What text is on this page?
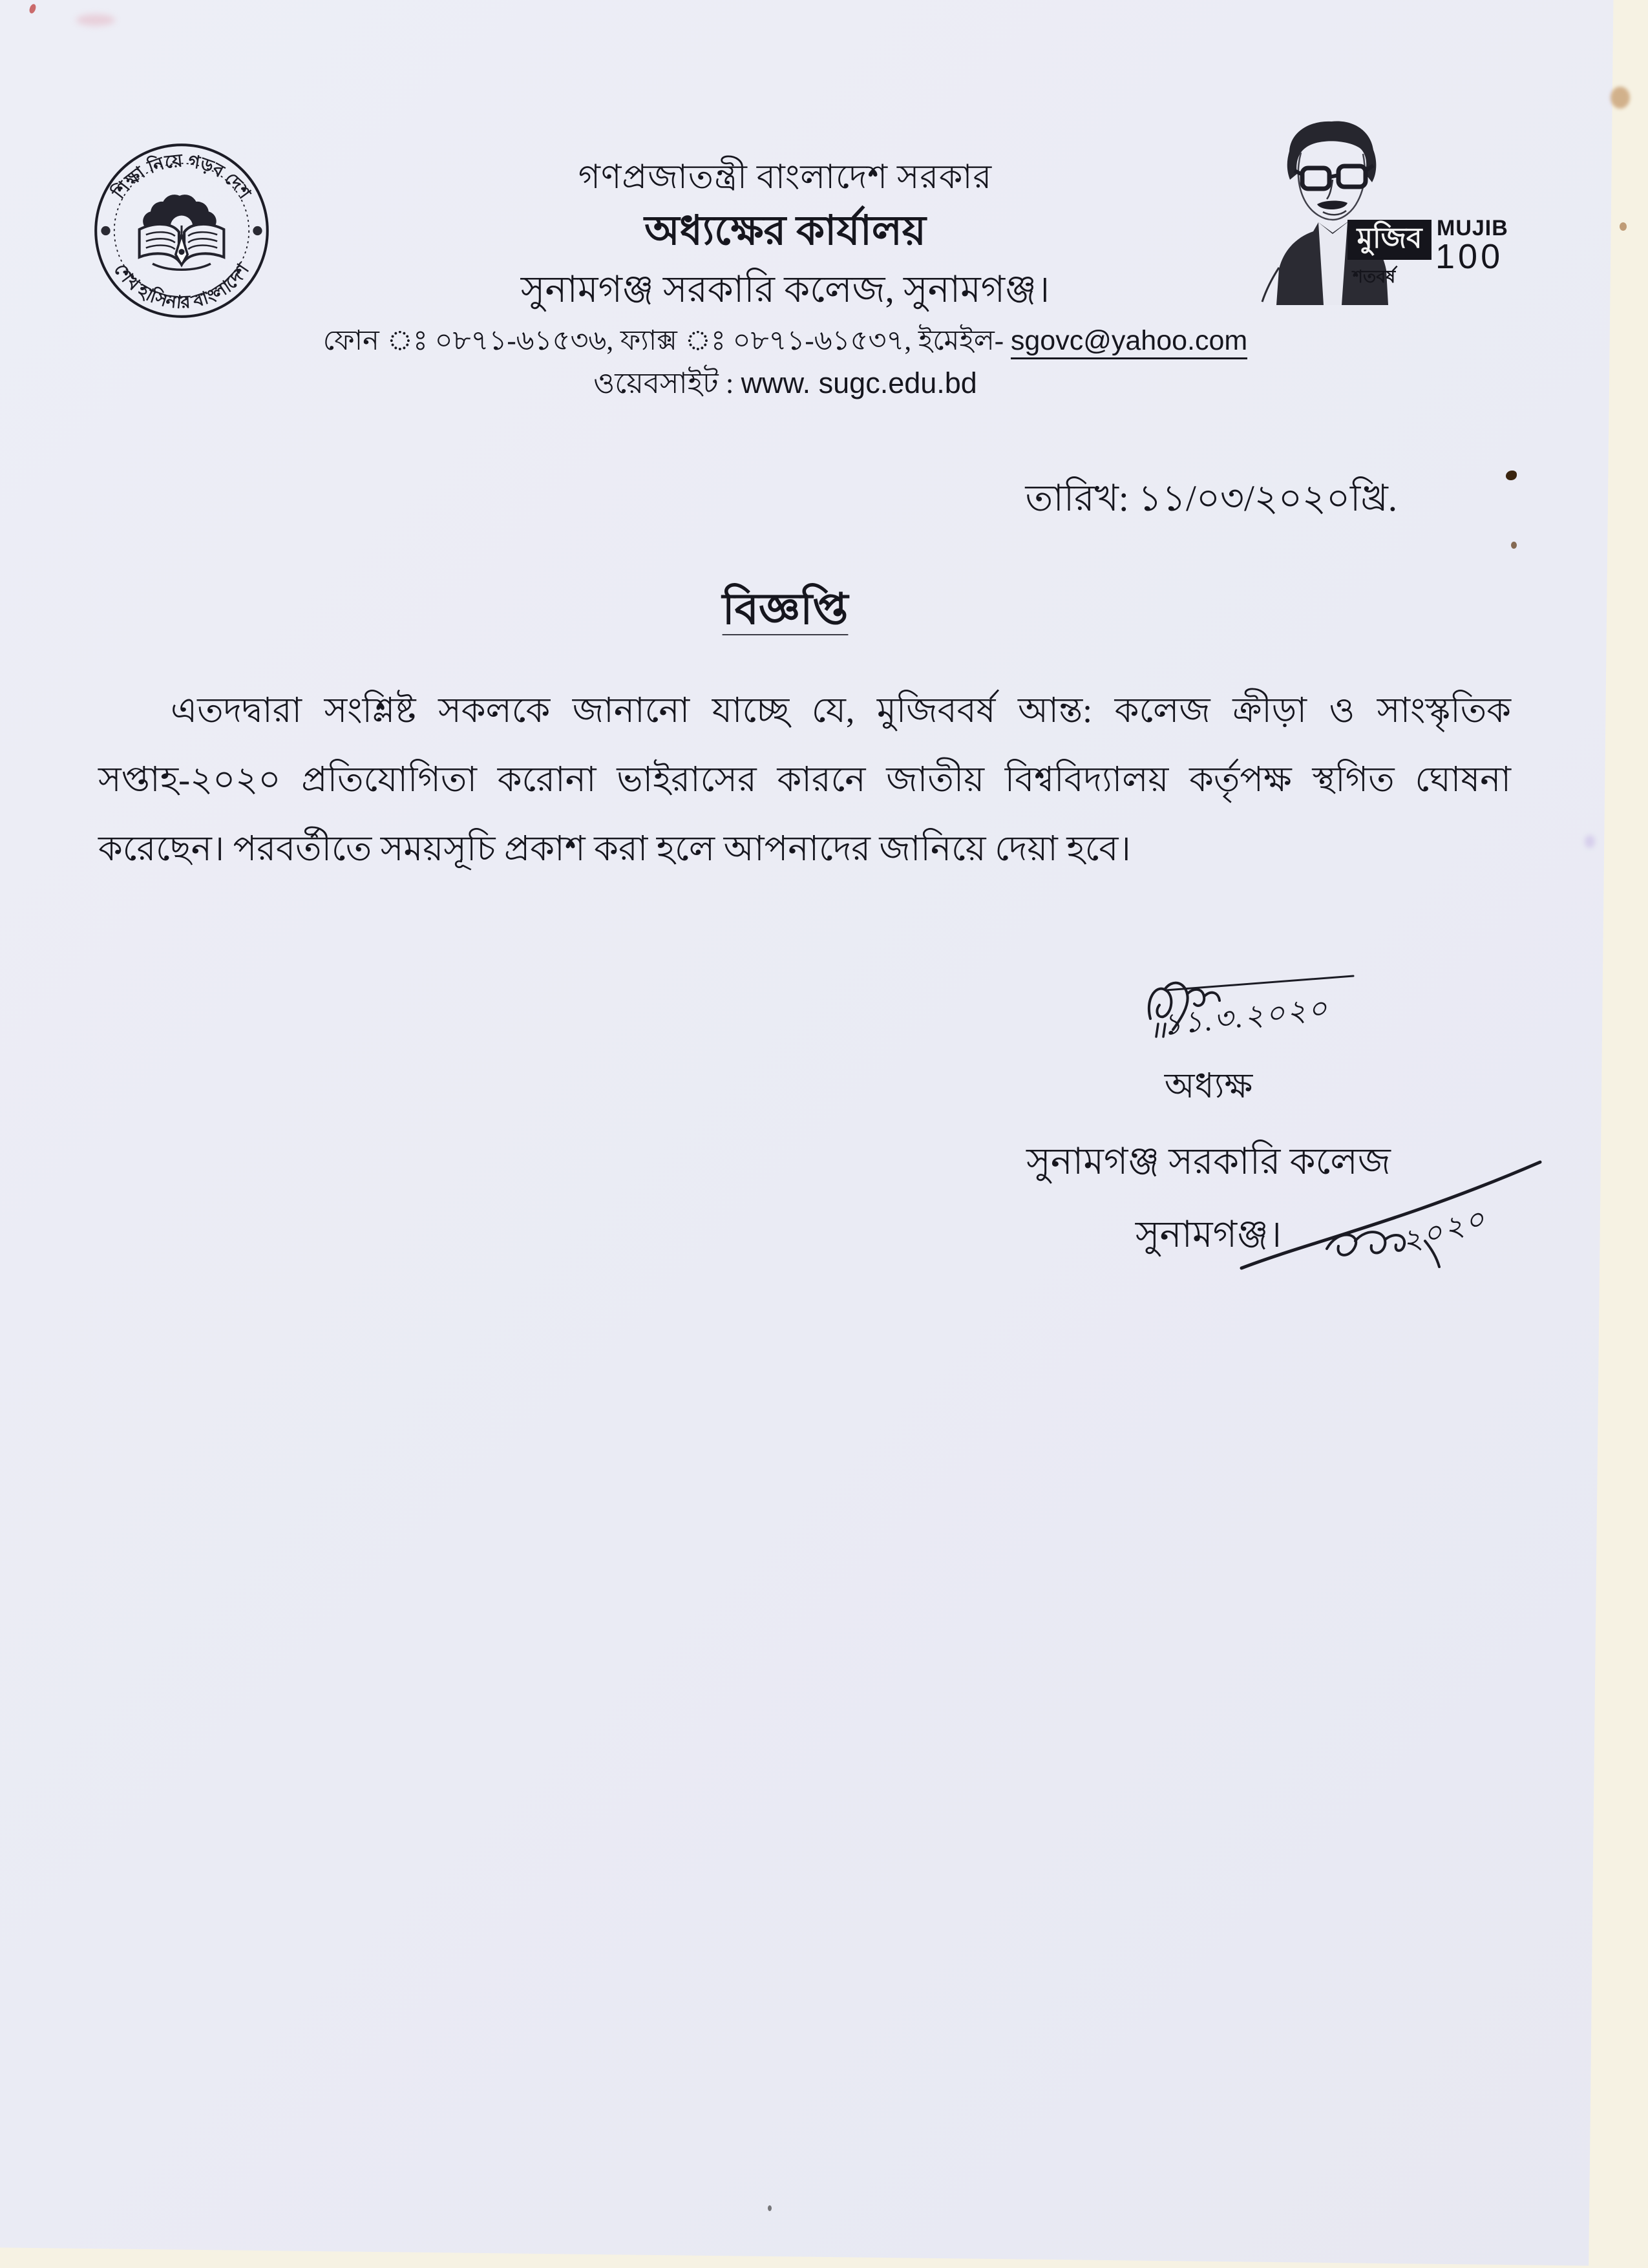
শিক্ষা নিয়ে গড়ব দেশ
শেখ হাসিনার বাংলাদেশ
গণপ্রজাতন্ত্রী বাংলাদেশ সরকার
অধ্যক্ষের কার্যালয়
সুনামগঞ্জ সরকারি কলেজ, সুনামগঞ্জ।
ফোন ঃ ০৮৭১-৬১৫৩৬, ফ্যাক্স ঃ ০৮৭১-৬১৫৩৭, ইমেইল- sgovc@yahoo.com
ওয়েবসাইট : www. sugc.edu.bd
মুজিব MUJIB
100
শতবর্ষ
তারিখ: ১১/০৩/২০২০খ্রি.
বিজ্ঞপ্তি
এতদদ্বারা সংশ্লিষ্ট সকলকে জানানো যাচ্ছে যে, মুজিববর্ষ আন্ত: কলেজ ক্রীড়া ও সাংস্কৃতিক সপ্তাহ-২০২০ প্রতিযোগিতা করোনা ভাইরাসের কারনে জাতীয় বিশ্ববিদ্যালয় কর্তৃপক্ষ স্থগিত ঘোষনা করেছেন। পরবর্তীতে সময়সূচি প্রকাশ করা হলে আপনাদের জানিয়ে দেয়া হবে।
১১.৩.২০২০
অধ্যক্ষ
সুনামগঞ্জ সরকারি কলেজ
সুনামগঞ্জ।	২০২০
